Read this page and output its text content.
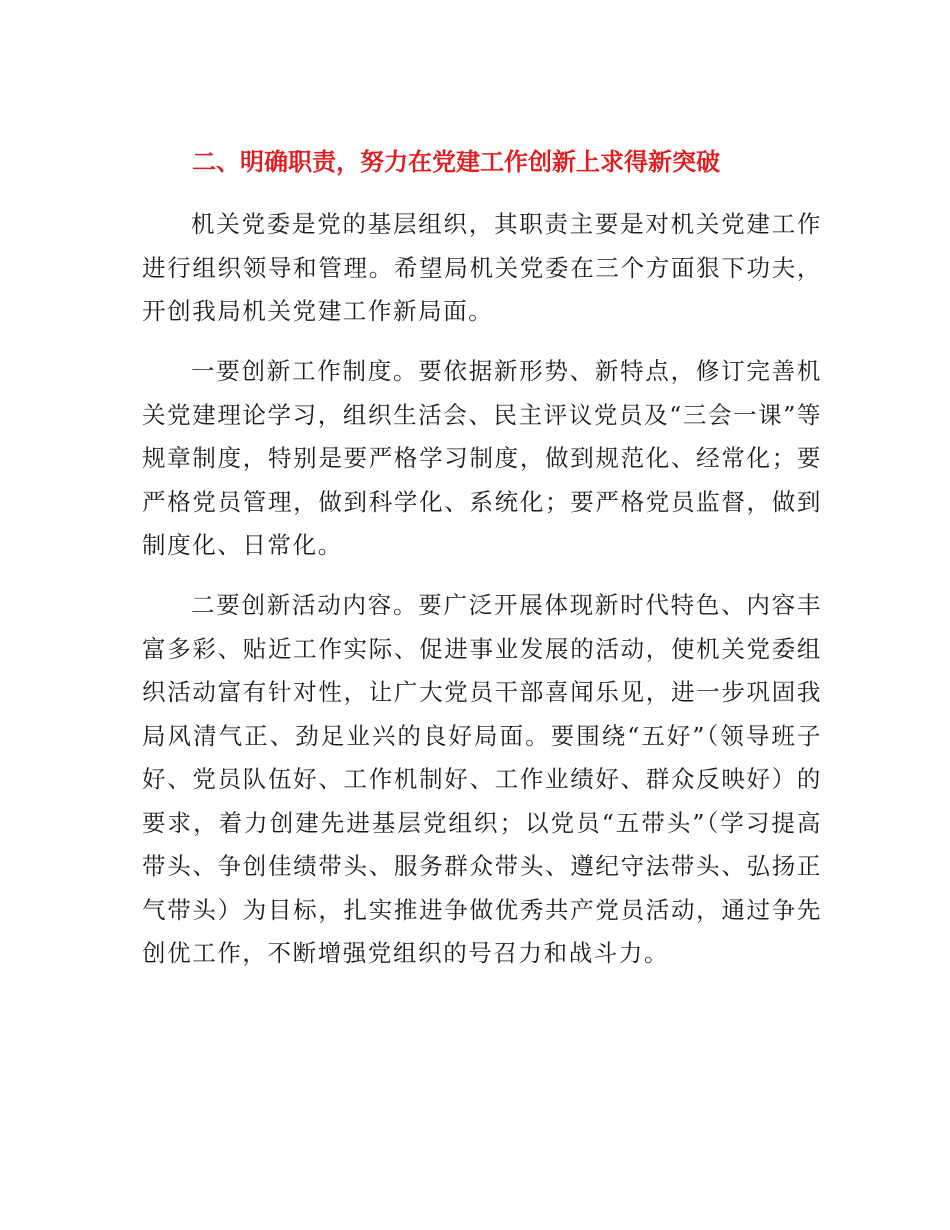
二、明确职责，努力在党建工作创新上求得新突破

机关党委是党的基层组织，其职责主要是对机关党建工作进行组织领导和管理。希望局机关党委在三个方面狠下功夫，开创我局机关党建工作新局面。

一要创新工作制度。要依据新形势、新特点，修订完善机关党建理论学习，组织生活会、民主评议党员及“三会一课”等规章制度，特别是要严格学习制度，做到规范化、经常化；要严格党员管理，做到科学化、系统化；要严格党员监督，做到制度化、日常化。

二要创新活动内容。要广泛开展体现新时代特色、内容丰富多彩、贴近工作实际、促进事业发展的活动，使机关党委组织活动富有针对性，让广大党员干部喜闻乐见，进一步巩固我局风清气正、劲足业兴的良好局面。要围绕“五好”（领导班子好、党员队伍好、工作机制好、工作业绩好、群众反映好）的要求，着力创建先进基层党组织；以党员“五带头”（学习提高带头、争创佳绩带头、服务群众带头、遵纪守法带头、弘扬正气带头）为目标，扎实推进争做优秀共产党员活动，通过争先创优工作，不断增强党组织的号召力和战斗力。
